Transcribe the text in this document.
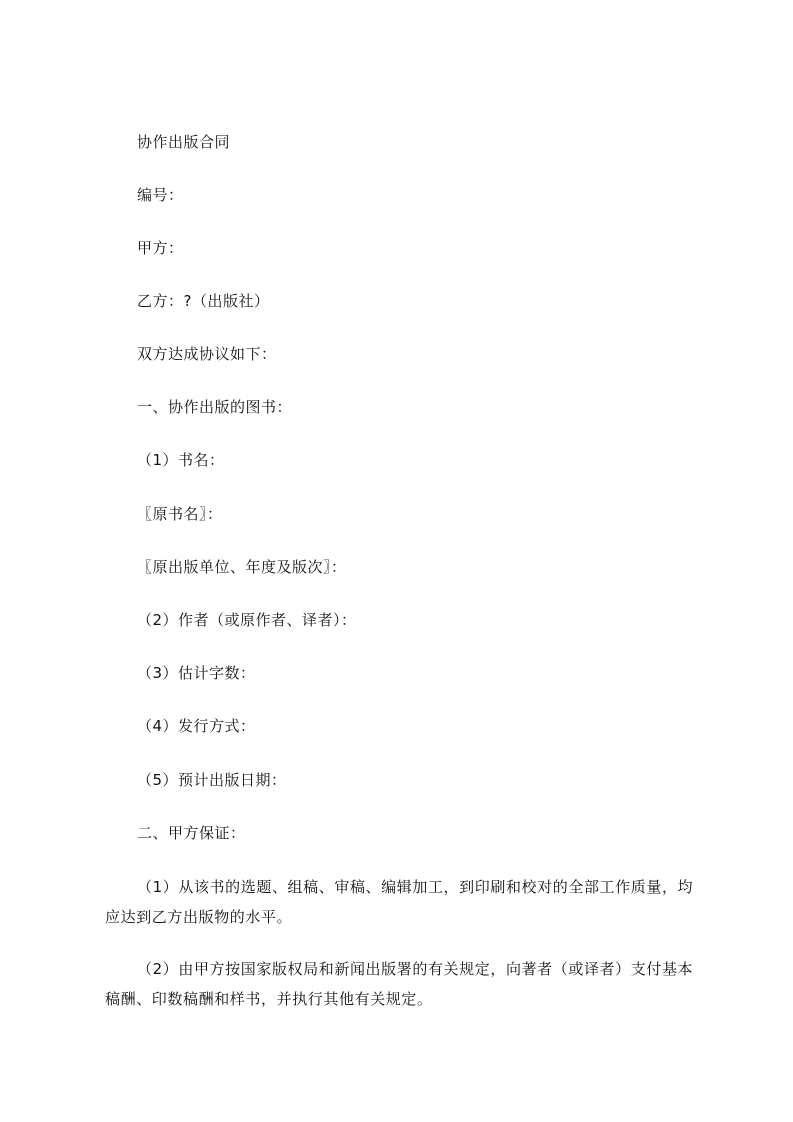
协作出版合同
编号：
甲方：
乙方：?（出版社）
双方达成协议如下：
一、协作出版的图书：
（1）书名：
〖原书名〗：
〖原出版单位、年度及版次〗：
（2）作者（或原作者、译者）：
（3）估计字数：
（4）发行方式：
（5）预计出版日期：
二、甲方保证：
（1）从该书的选题、组稿、审稿、编辑加工，到印刷和校对的全部工作质量，均应达到乙方出版物的水平。
（2）由甲方按国家版权局和新闻出版署的有关规定，向著者（或译者）支付基本稿酬、印数稿酬和样书，并执行其他有关规定。
